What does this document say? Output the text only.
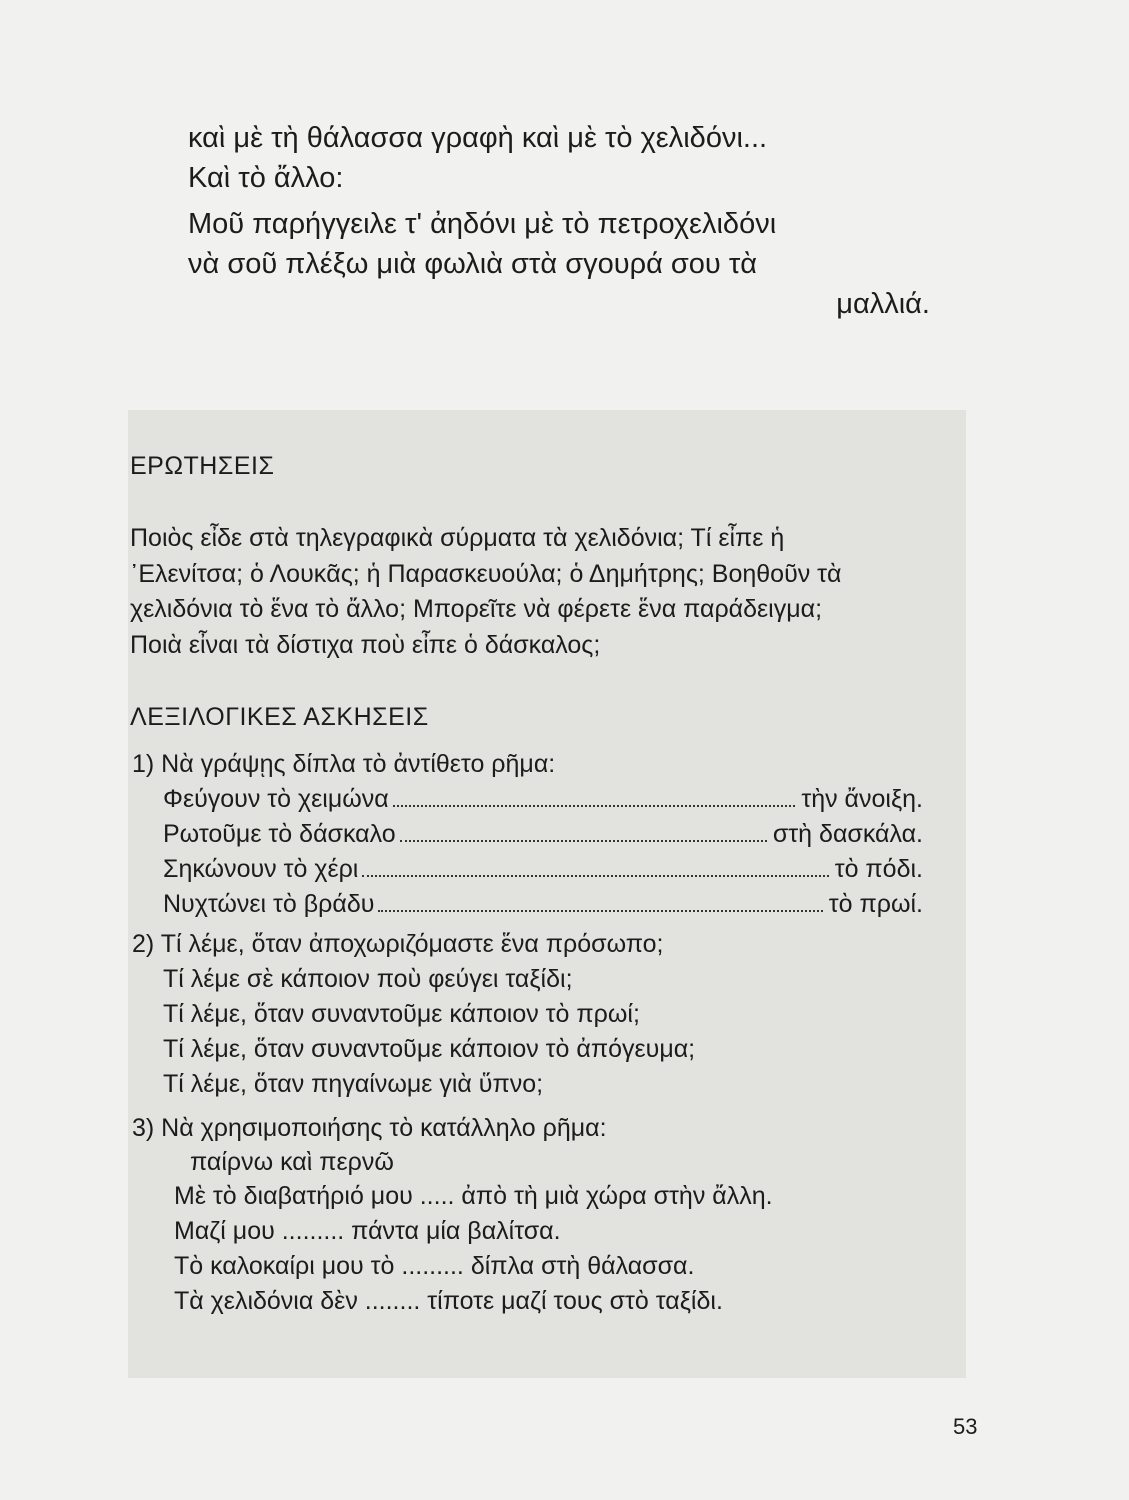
καὶ μὲ τὴ θάλασσα γραφὴ καὶ μὲ τὸ χελιδόνι...
Καὶ τὸ ἄλλο:
Μοῦ παρήγγειλε τ' ἀηδόνι μὲ τὸ πετροχελιδόνι
νὰ σοῦ πλέξω μιὰ φωλιὰ στὰ σγουρά σου τὰ
μαλλιά.
ΕΡΩΤΗΣΕΙΣ
Ποιὸς εἶδε στὰ τηλεγραφικὰ σύρματα τὰ χελιδόνια; Τί εἶπε ἡ
᾿Ελενίτσα; ὁ Λουκᾶς; ἡ Παρασκευούλα; ὁ Δημήτρης; Βοηθοῦν τὰ
χελιδόνια τὸ ἕνα τὸ ἄλλο; Μπορεῖτε νὰ φέρετε ἕνα παράδειγμα;
Ποιὰ εἶναι τὰ δίστιχα ποὺ εἶπε ὁ δάσκαλος;
ΛΕΞΙΛΟΓΙΚΕΣ ΑΣΚΗΣΕΙΣ
1) Νὰ γράψῃς δίπλα τὸ ἀντίθετο ρῆμα:
Φεύγουν τὸ χειμώνα	τὴν ἄνοιξη.
Ρωτοῦμε τὸ δάσκαλο	στὴ δασκάλα.
Σηκώνουν τὸ χέρι	τὸ πόδι.
Νυχτώνει τὸ βράδυ	τὸ πρωί.
2) Τί λέμε, ὅταν ἀποχωριζόμαστε ἕνα πρόσωπο;
Τί λέμε σὲ κάποιον ποὺ φεύγει ταξίδι;
Τί λέμε, ὅταν συναντοῦμε κάποιον τὸ πρωί;
Τί λέμε, ὅταν συναντοῦμε κάποιον τὸ ἀπόγευμα;
Τί λέμε, ὅταν πηγαίνωμε γιὰ ὕπνο;
3) Νὰ χρησιμοποιήσης τὸ κατάλληλο ρῆμα:
παίρνω καὶ περνῶ
Μὲ τὸ διαβατήριό μου ..... ἀπὸ τὴ μιὰ χώρα στὴν ἄλλη.
Μαζί μου ......... πάντα μία βαλίτσα.
Τὸ καλοκαίρι μου τὸ ......... δίπλα στὴ θάλασσα.
Τὰ χελιδόνια δὲν ........ τίποτε μαζί τους στὸ ταξίδι.
53
